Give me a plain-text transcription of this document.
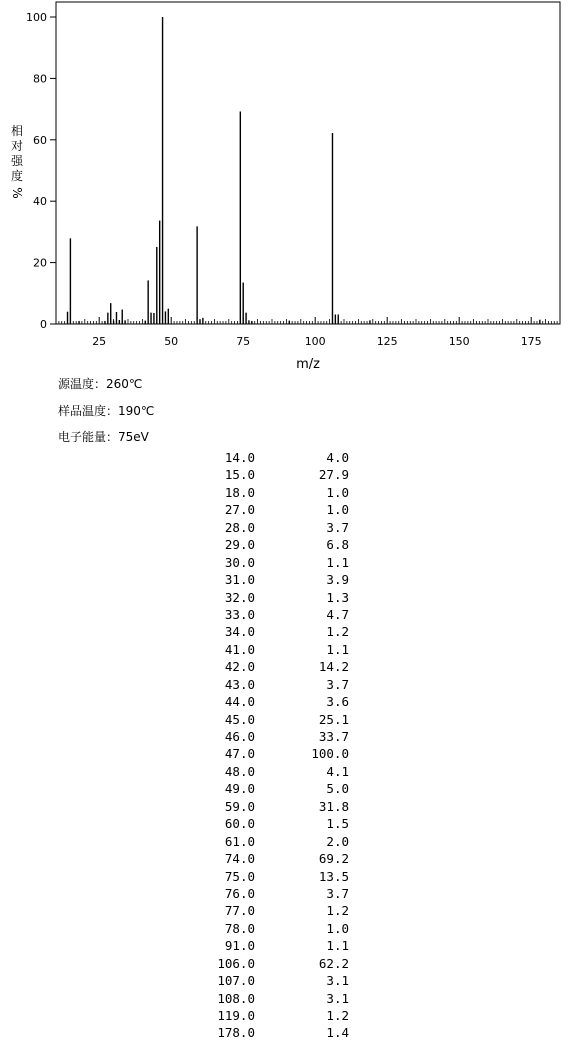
25	50	75	100	125	150	175
0
20
40
60
80
100
m/z
相
对
强
度
%
源温度：260℃
样品温度：190℃
电子能量：75eV
14.0	4.0
15.0	27.9
18.0	1.0
27.0	1.0
28.0	3.7
29.0	6.8
30.0	1.1
31.0	3.9
32.0	1.3
33.0	4.7
34.0	1.2
41.0	1.1
42.0	14.2
43.0	3.7
44.0	3.6
45.0	25.1
46.0	33.7
47.0	100.0
48.0	4.1
49.0	5.0
59.0	31.8
60.0	1.5
61.0	2.0
74.0	69.2
75.0	13.5
76.0	3.7
77.0	1.2
78.0	1.0
91.0	1.1
106.0	62.2
107.0	3.1
108.0	3.1
119.0	1.2
178.0	1.4
